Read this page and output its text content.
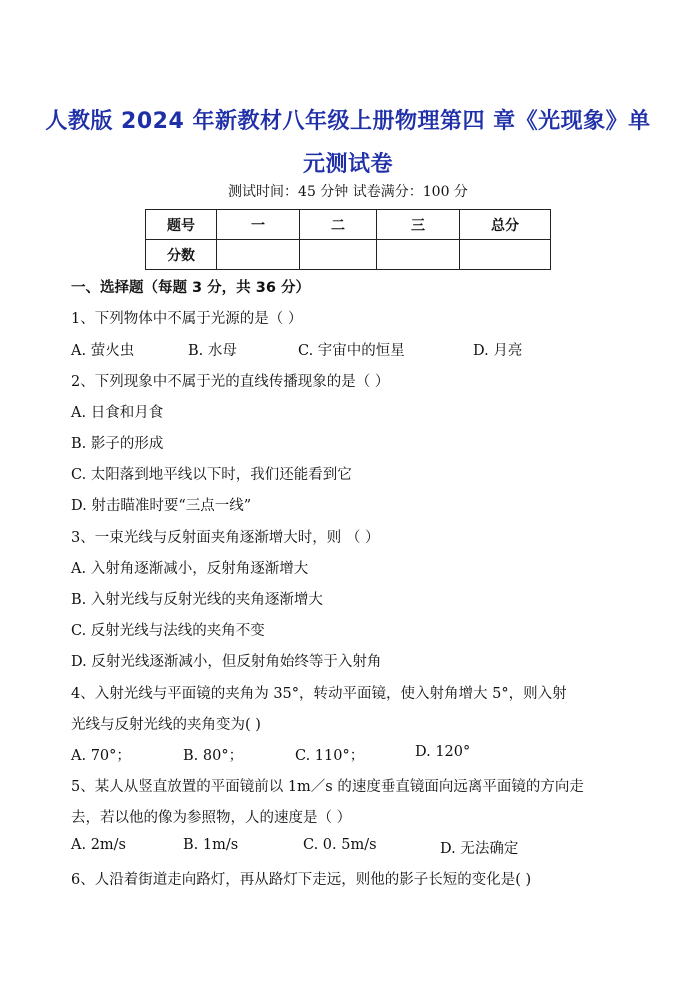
人教版 2024 年新教材八年级上册物理第四 章《光现象》单
元测试卷
测试时间：45 分钟 试卷满分：100 分
题号	一	二	三	总分
分数				
一、选择题（每题 3 分，共 36 分）
1、下列物体中不属于光源的是（ ）
A. 萤火虫	B. 水母	C. 宇宙中的恒星	D. 月亮
2、下列现象中不属于光的直线传播现象的是（ ）
A. 日食和月食
B. 影子的形成
C. 太阳落到地平线以下时，我们还能看到它
D. 射击瞄准时要“三点一线”
3、一束光线与反射面夹角逐渐增大时，则 （ ）
A. 入射角逐渐减小，反射角逐渐增大
B. 入射光线与反射光线的夹角逐渐增大
C. 反射光线与法线的夹角不变
D. 反射光线逐渐减小，但反射角始终等于入射角
4、入射光线与平面镜的夹角为 35°，转动平面镜，使入射角增大 5°，则入射
光线与反射光线的夹角变为( )
A. 70°；	B. 80°；	C. 110°；	D. 120°
5、某人从竖直放置的平面镜前以 1m／s 的速度垂直镜面向远离平面镜的方向走
去，若以他的像为参照物，人的速度是（ ）
A. 2m/s	B. 1m/s	C. 0. 5m/s	D. 无法确定
6、人沿着街道走向路灯，再从路灯下走远，则他的影子长短的变化是( )
